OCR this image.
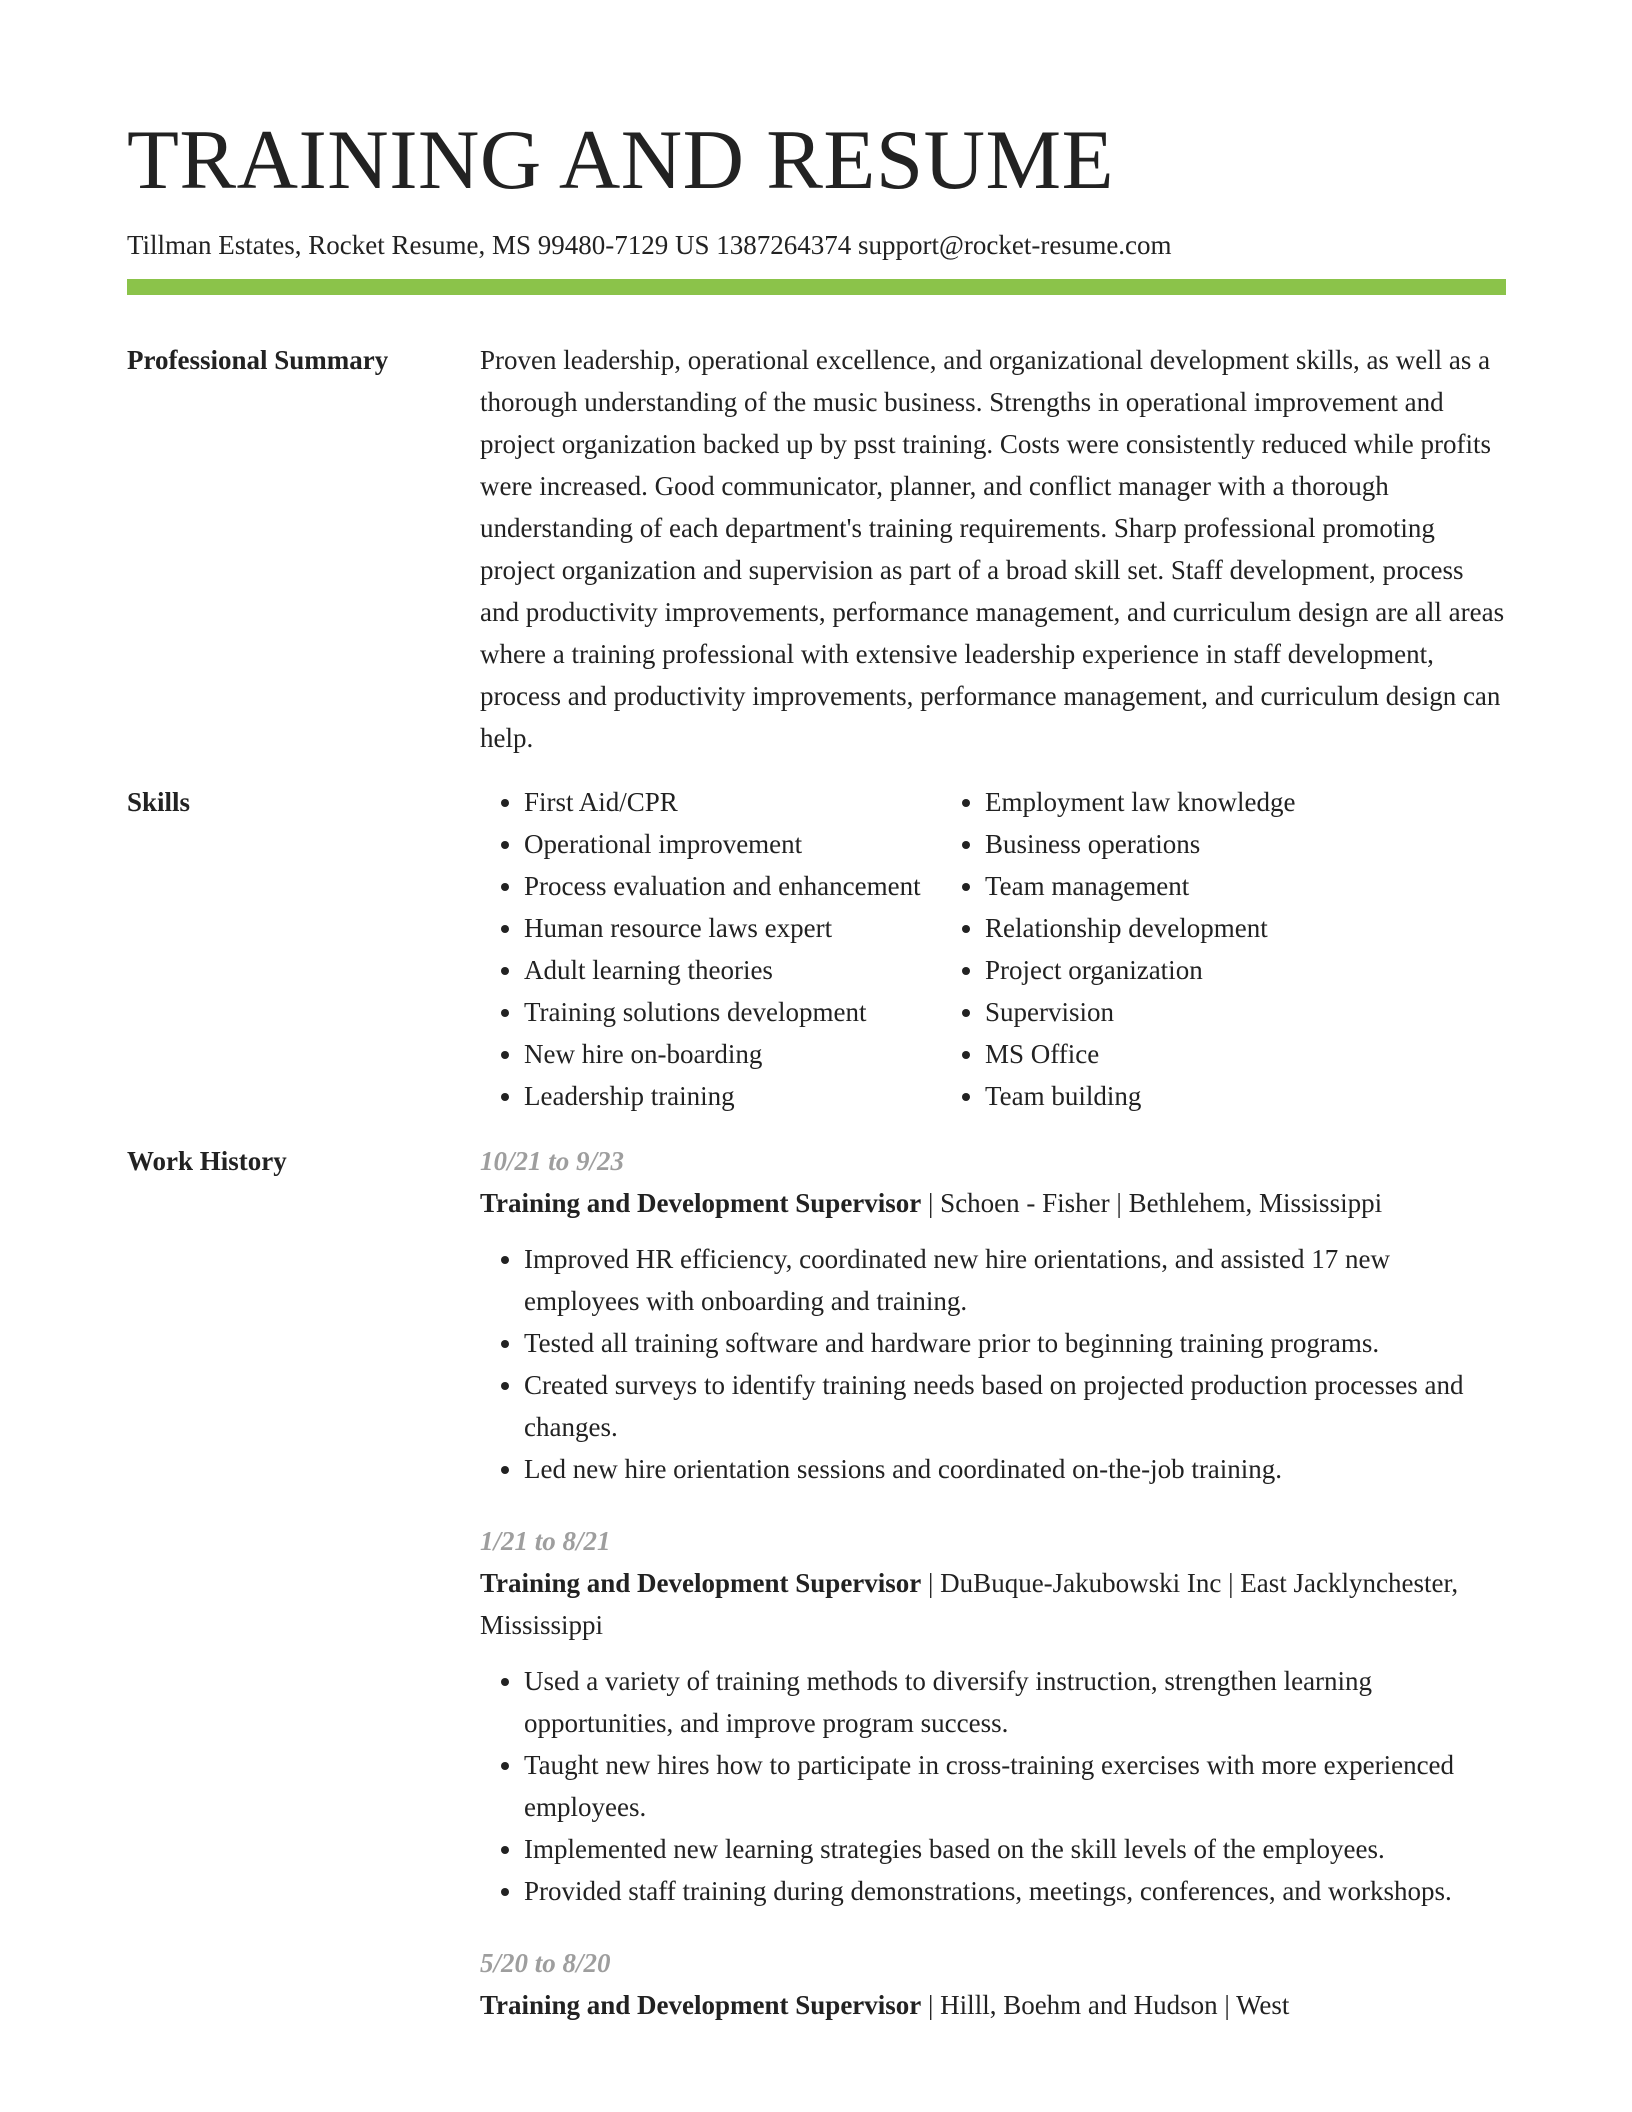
TRAINING AND RESUME
Tillman Estates, Rocket Resume, MS 99480-7129 US 1387264374 support@rocket-resume.com
Professional Summary	Proven leadership, operational excellence, and organizational development skills, as well as a thorough understanding of the music business. Strengths in operational improvement and project organization backed up by psst training. Costs were consistently reduced while profits were increased. Good communicator, planner, and conflict manager with a thorough understanding of each department's training requirements. Sharp professional promoting project organization and supervision as part of a broad skill set. Staff development, process and productivity improvements, performance management, and curriculum design are all areas where a training professional with extensive leadership experience in staff development, process and productivity improvements, performance management, and curriculum design can help.

Skills
•	First Aid/CPR
• Operational improvement
• Process evaluation and enhancement
• Human resource laws expert
• Adult learning theories
• Training solutions development
• New hire on-boarding
• Leadership training
• Employment law knowledge
• Business operations
• Team management
• Relationship development
• Project organization
• Supervision
• MS Office
• Team building
Work History	10/21 to 9/23

Training and Development Supervisor | Schoen - Fisher | Bethlehem, Mississippi

• Improved HR efficiency, coordinated new hire orientations, and assisted 17 new employees with onboarding and training.
• Tested all training software and hardware prior to beginning training programs.
• Created surveys to identify training needs based on projected production processes and changes.
• Led new hire orientation sessions and coordinated on-the-job training.
1/21 to 8/21

Training and Development Supervisor | DuBuque-Jakubowski Inc | East Jacklynchester, Mississippi

• Used a variety of training methods to diversify instruction, strengthen learning opportunities, and improve program success.
• Taught new hires how to participate in cross-training exercises with more experienced employees.
• Implemented new learning strategies based on the skill levels of the employees.
• Provided staff training during demonstrations, meetings, conferences, and workshops.
5/20 to 8/20

Training and Development Supervisor | Hilll, Boehm and Hudson | West
